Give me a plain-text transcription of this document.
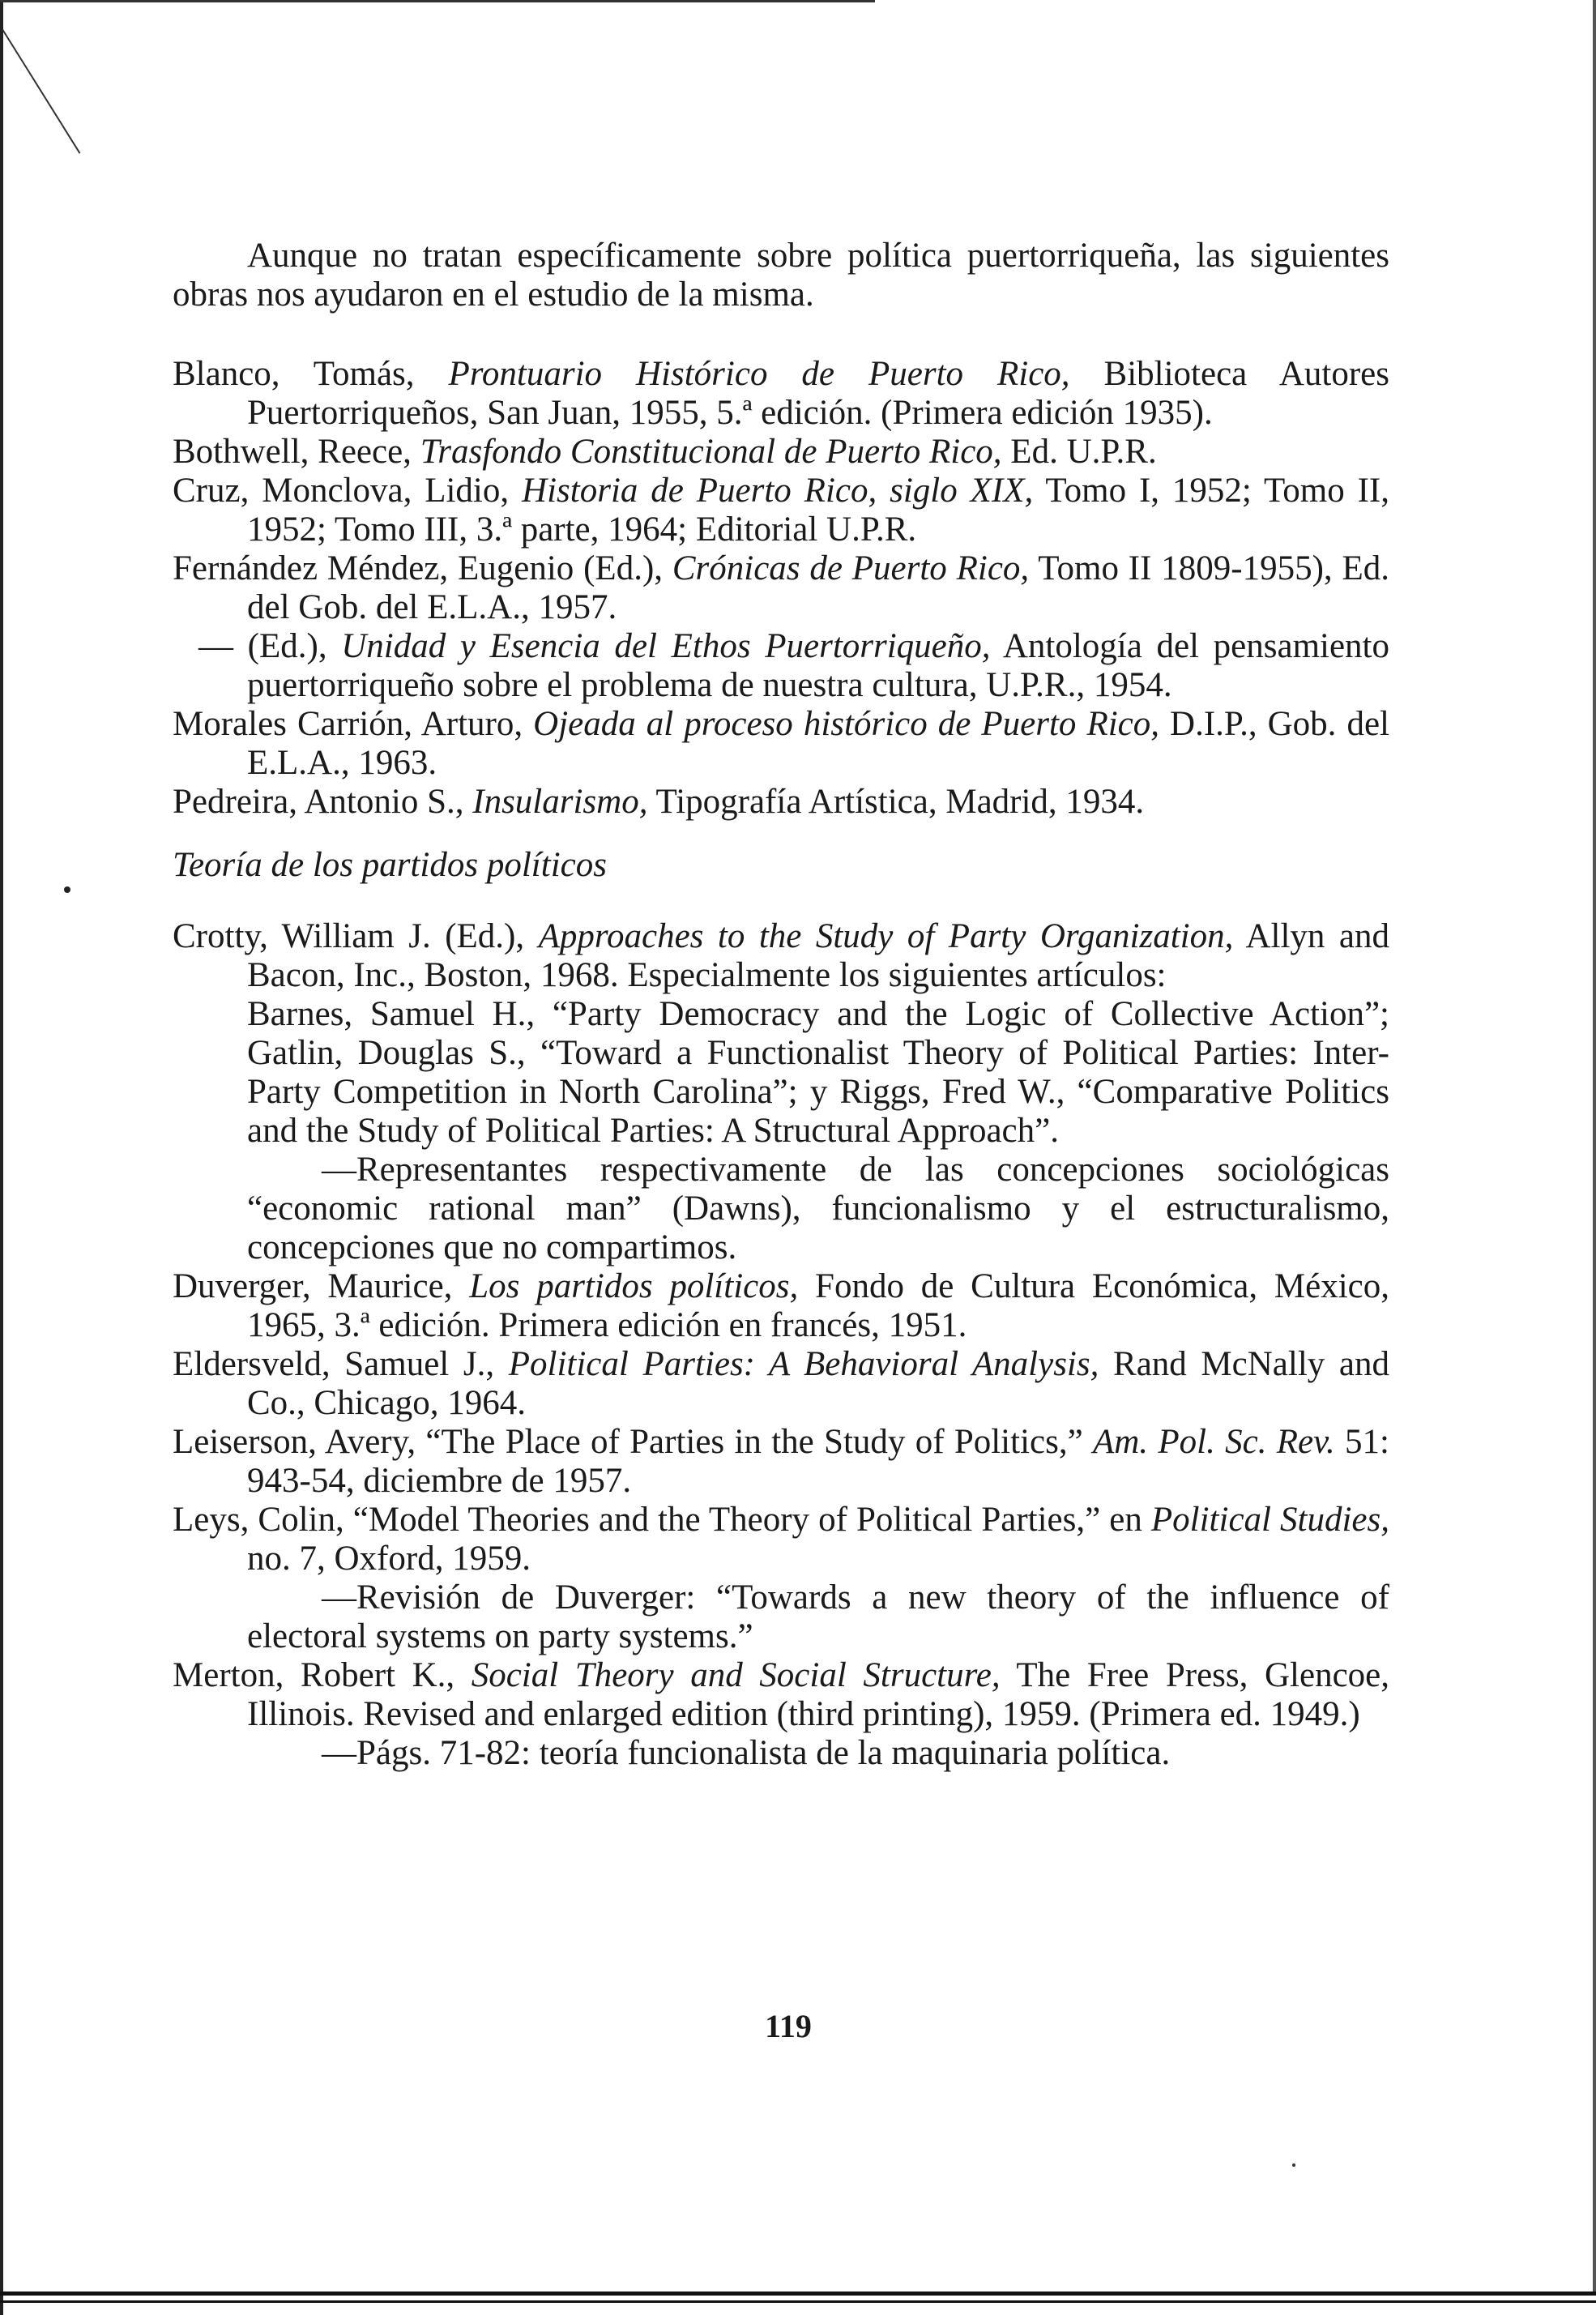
Aunque no tratan específicamente sobre política puertorriqueña, las siguientes obras nos ayudaron en el estudio de la misma.

Blanco, Tomás, Prontuario Histórico de Puerto Rico, Biblioteca Autores Puertorriqueños, San Juan, 1955, 5.ª edición. (Primera edición 1935).

Bothwell, Reece, Trasfondo Constitucional de Puerto Rico, Ed. U.P.R.

Cruz, Monclova, Lidio, Historia de Puerto Rico, siglo XIX, Tomo I, 1952; Tomo II, 1952; Tomo III, 3.ª parte, 1964; Editorial U.P.R.

Fernández Méndez, Eugenio (Ed.), Crónicas de Puerto Rico, Tomo II 1809-1955), Ed. del Gob. del E.L.A., 1957.

— (Ed.), Unidad y Esencia del Ethos Puertorriqueño, Antología del pensamiento puertorriqueño sobre el problema de nuestra cultura, U.P.R., 1954.

Morales Carrión, Arturo, Ojeada al proceso histórico de Puerto Rico, D.I.P., Gob. del E.L.A., 1963.

Pedreira, Antonio S., Insularismo, Tipografía Artística, Madrid, 1934.

Teoría de los partidos políticos

Crotty, William J. (Ed.), Approaches to the Study of Party Organization, Allyn and Bacon, Inc., Boston, 1968. Especialmente los siguientes artículos:

Barnes, Samuel H., “Party Democracy and the Logic of Collective Action”; Gatlin, Douglas S., “Toward a Functionalist Theory of Political Parties: Inter-Party Competition in North Carolina”; y Riggs, Fred W., “Comparative Politics and the Study of Political Parties: A Structural Approach”.

—Representantes respectivamente de las concepciones sociológicas “economic rational man” (Dawns), funcionalismo y el estructuralismo, concepciones que no compartimos.

Duverger, Maurice, Los partidos políticos, Fondo de Cultura Económica, México, 1965, 3.ª edición. Primera edición en francés, 1951.

Eldersveld, Samuel J., Political Parties: A Behavioral Analysis, Rand McNally and Co., Chicago, 1964.

Leiserson, Avery, “The Place of Parties in the Study of Politics,” Am. Pol. Sc. Rev. 51: 943-54, diciembre de 1957.

Leys, Colin, “Model Theories and the Theory of Political Parties,” en Political Studies, no. 7, Oxford, 1959.

—Revisión de Duverger: “Towards a new theory of the influence of electoral systems on party systems.”

Merton, Robert K., Social Theory and Social Structure, The Free Press, Glencoe, Illinois. Revised and enlarged edition (third printing), 1959. (Primera ed. 1949.)

—Págs. 71-82: teoría funcionalista de la maquinaria política.

119
